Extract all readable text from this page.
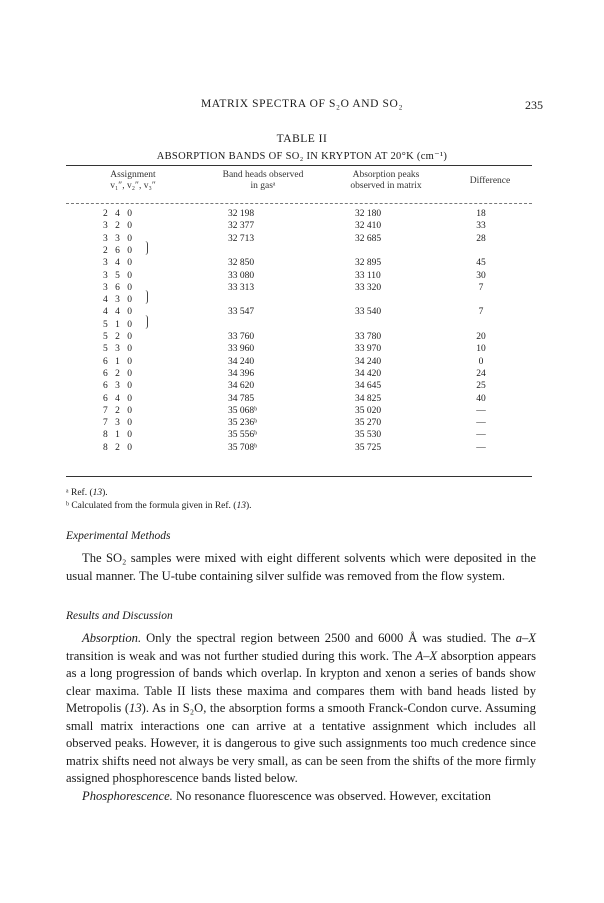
MATRIX SPECTRA OF S₂O AND SO₂	235
TABLE II
ABSORPTION BANDS OF SO₂ IN KRYPTON AT 20°K (cm⁻¹)
Assignment
v₁″, v₂″, v₃″
Band heads observed
in gasᵃ
Absorption peaks
observed in matrix	Difference
2 4 0	32 198	32 180	18
3 2 0	32 377	32 410	33
3 3 0	32 713	32 685	28
2 6 0
3 4 0	32 850	32 895	45
3 5 0	33 080	33 110	30
3 6 0	33 313	33 320	7
4 3 0
4 4 0	33 547	33 540	7
5 1 0
5 2 0	33 760	33 780	20
5 3 0	33 960	33 970	10
6 1 0	34 240	34 240	0
6 2 0	34 396	34 420	24
6 3 0	34 620	34 645	25
6 4 0	34 785	34 825	40
7 2 0	35 068ᵇ	35 020	—
7 3 0	35 236ᵇ	35 270	—
8 1 0	35 556ᵇ	35 530	—
8 2 0	35 708ᵇ	35 725	—
ᵃ Ref. (13).
ᵇ Calculated from the formula given in Ref. (13).
Experimental Methods

The SO₂ samples were mixed with eight different solvents which were deposited in the usual manner. The U-tube containing silver sulfide was removed from the flow system.

Results and Discussion

Absorption. Only the spectral region between 2500 and 6000 Å was studied. The a–X transition is weak and was not further studied during this work. The A–X absorption appears as a long progression of bands which overlap. In krypton and xenon a series of bands show clear maxima. Table II lists these maxima and compares them with band heads listed by Metropolis (13). As in S₂O, the absorption forms a smooth Franck-Condon curve. Assuming small matrix interactions one can arrive at a tentative assignment which includes all observed peaks. However, it is dangerous to give such assignments too much credence since matrix shifts need not always be very small, as can be seen from the shifts of the more firmly assigned phosphorescence bands listed below.

Phosphorescence. No resonance fluorescence was observed. However, excitation
